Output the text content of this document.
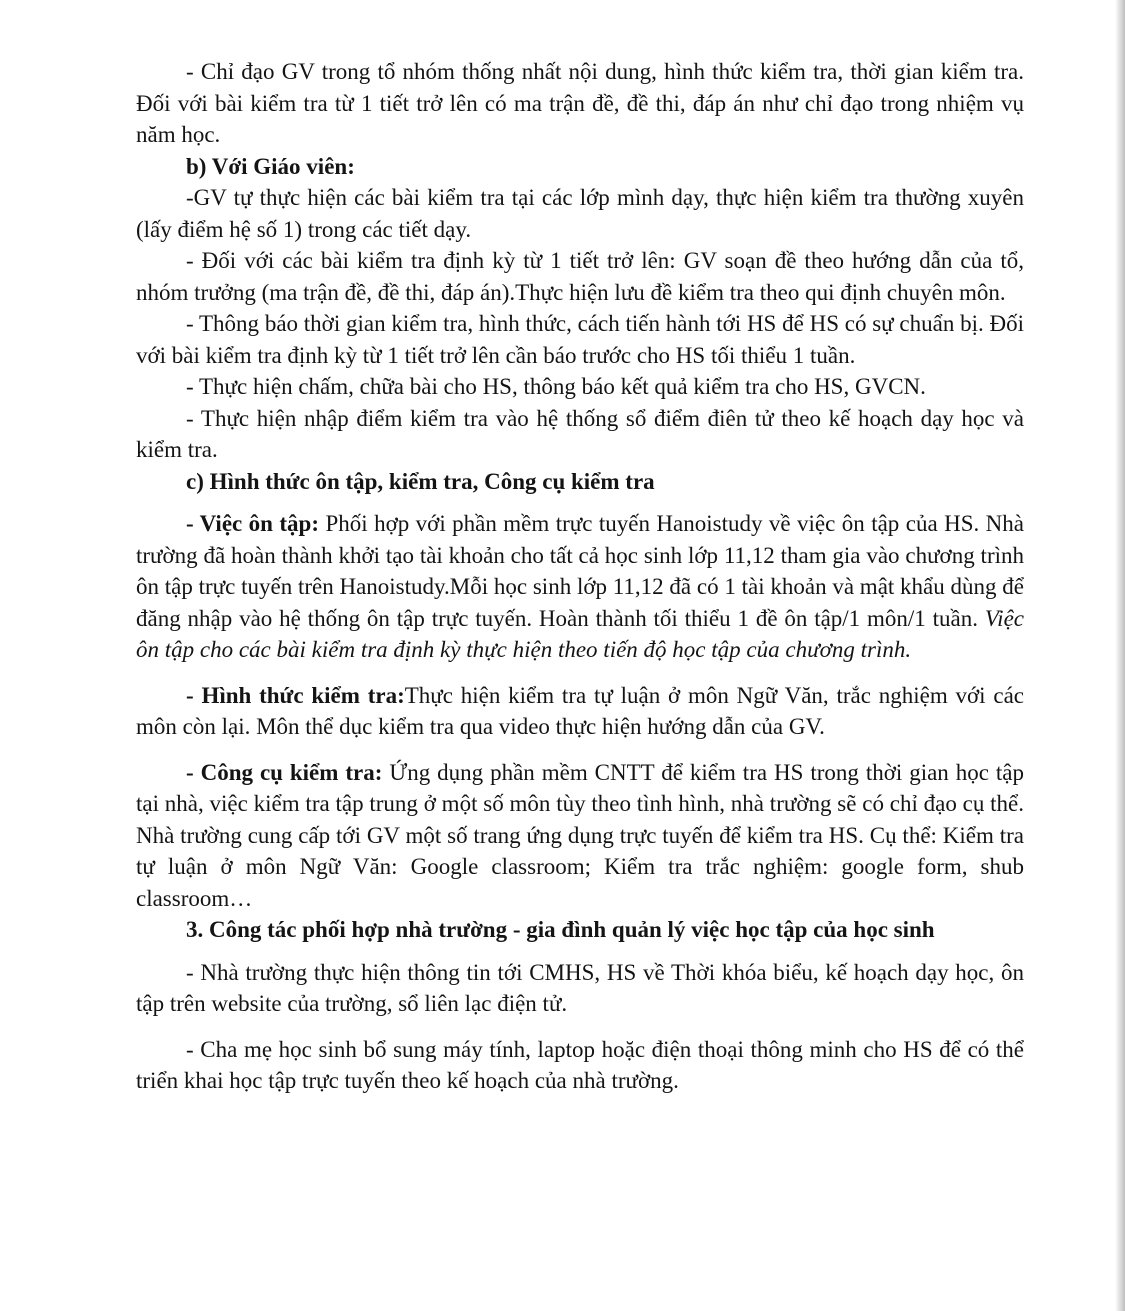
- Chỉ đạo GV trong tổ nhóm thống nhất nội dung, hình thức kiểm tra, thời gian kiểm tra. Đối với bài kiểm tra từ 1 tiết trở lên có ma trận đề, đề thi, đáp án như chỉ đạo trong nhiệm vụ năm học.

b) Với Giáo viên:

-GV tự thực hiện các bài kiểm tra tại các lớp mình dạy, thực hiện kiểm tra thường xuyên (lấy điểm hệ số 1) trong các tiết dạy.

- Đối với các bài kiểm tra định kỳ từ 1 tiết trở lên: GV soạn đề theo hướng dẫn của tổ, nhóm trưởng (ma trận đề, đề thi, đáp án).Thực hiện lưu đề kiểm tra theo qui định chuyên môn.

- Thông báo thời gian kiểm tra, hình thức, cách tiến hành tới HS để HS có sự chuẩn bị. Đối với bài kiểm tra định kỳ từ 1 tiết trở lên cần báo trước cho HS tối thiểu 1 tuần.

- Thực hiện chấm, chữa bài cho HS, thông báo kết quả kiểm tra cho HS, GVCN.

- Thực hiện nhập điểm kiểm tra vào hệ thống sổ điểm điên tử theo kế hoạch dạy học và kiểm tra.

c) Hình thức ôn tập, kiểm tra, Công cụ kiểm tra

- Việc ôn tập: Phối hợp với phần mềm trực tuyến Hanoistudy về việc ôn tập của HS. Nhà trường đã hoàn thành khởi tạo tài khoản cho tất cả học sinh lớp 11,12 tham gia vào chương trình ôn tập trực tuyến trên Hanoistudy.Mỗi học sinh lớp 11,12 đã có 1 tài khoản và mật khẩu dùng để đăng nhập vào hệ thống ôn tập trực tuyến. Hoàn thành tối thiểu 1 đề ôn tập/1 môn/1 tuần. Việc ôn tập cho các bài kiểm tra định kỳ thực hiện theo tiến độ học tập của chương trình.

- Hình thức kiểm tra:Thực hiện kiểm tra tự luận ở môn Ngữ Văn, trắc nghiệm với các môn còn lại. Môn thể dục kiểm tra qua video thực hiện hướng dẫn của GV.

- Công cụ kiểm tra: Ứng dụng phần mềm CNTT để kiểm tra HS trong thời gian học tập tại nhà, việc kiểm tra tập trung ở một số môn tùy theo tình hình, nhà trường sẽ có chỉ đạo cụ thể. Nhà trường cung cấp tới GV một số trang ứng dụng trực tuyến để kiểm tra HS. Cụ thể: Kiểm tra tự luận ở môn Ngữ Văn: Google classroom; Kiểm tra trắc nghiệm: google form, shub classroom…

3. Công tác phối hợp nhà trường - gia đình quản lý việc học tập của học sinh

- Nhà trường thực hiện thông tin tới CMHS, HS về Thời khóa biểu, kế hoạch dạy học, ôn tập trên website của trường, sổ liên lạc điện tử.

- Cha mẹ học sinh bổ sung máy tính, laptop hoặc điện thoại thông minh cho HS để có thể triển khai học tập trực tuyến theo kế hoạch của nhà trường.
